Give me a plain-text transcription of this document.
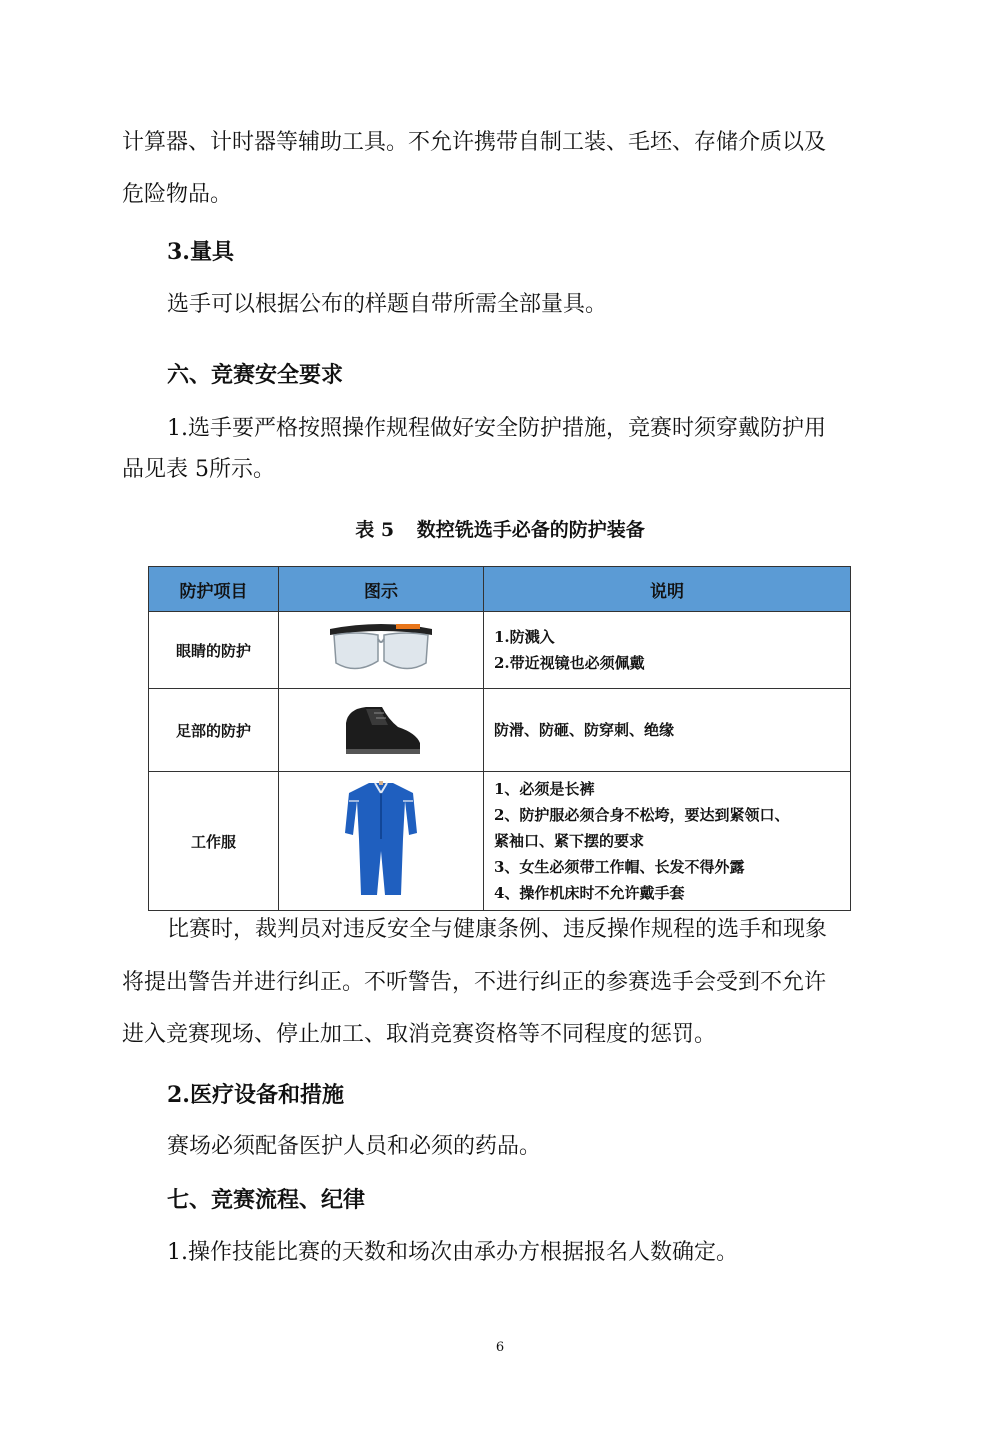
计算器、计时器等辅助工具。不允许携带自制工装、毛坯、存储介质以及
危险物品。
3.量具
选手可以根据公布的样题自带所需全部量具。
六、竞赛安全要求
1.选手要严格按照操作规程做好安全防护措施，竞赛时须穿戴防护用
品见表 5所示。
表 5 数控铣选手必备的防护装备
防护项目	图示	说明
眼睛的防护		1.防溅入
2.带近视镜也必须佩戴

足部的防护		防滑、防砸、防穿刺、绝缘

工作服		1、必须是长裤
2、防护服必须合身不松垮，要达到紧领口、
紧袖口、紧下摆的要求
3、女生必须带工作帽、长发不得外露
4、操作机床时不允许戴手套
比赛时，裁判员对违反安全与健康条例、违反操作规程的选手和现象
将提出警告并进行纠正。不听警告，不进行纠正的参赛选手会受到不允许
进入竞赛现场、停止加工、取消竞赛资格等不同程度的惩罚。
2.医疗设备和措施
赛场必须配备医护人员和必须的药品。
七、竞赛流程、纪律
1.操作技能比赛的天数和场次由承办方根据报名人数确定。
6
